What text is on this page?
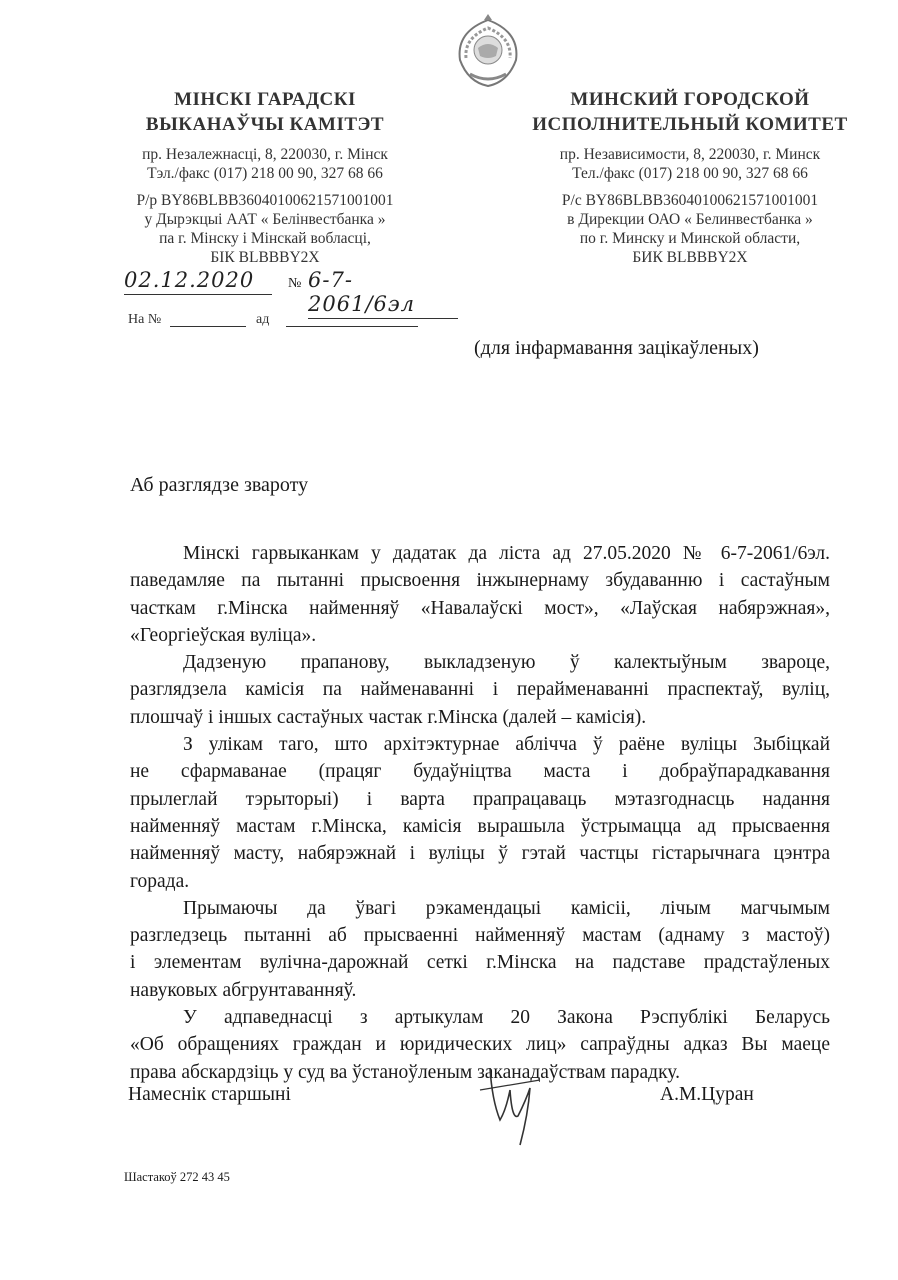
МІНСКІ ГАРАДСКІ
ВЫКАНАЎЧЫ КАМІТЭТ
пр. Незалежнасці, 8, 220030, г. Мінск
Тэл./факс (017) 218 00 90, 327 68 66
Р/р BY86BLBB36040100621571001001
у Дырэкцыі ААТ « Белінвестбанка »
па г. Мінску і Мінскай вобласці,
БІК BLBBBY2X
МИНСКИЙ ГОРОДСКОЙ
ИСПОЛНИТЕЛЬНЫЙ КОМИТЕТ
пр. Независимости, 8, 220030, г. Минск
Тел./факс (017) 218 00 90, 327 68 66
Р/с BY86BLBB36040100621571001001
в Дирекции ОАО « Белинвестбанка »
по г. Минску и Минской области,
БИК BLBBBY2X
02.12.2020	№ 6-7-2061/6эл
На №	ад
(для інфармавання зацікаўленых)
Аб разглядзе звароту
Мінскі гарвыканкам у дадатак да ліста ад 27.05.2020 № 6-7-2061/6эл.
паведамляе па пытанні прысвоення інжынернаму збудаванню і састаўным
часткам г.Мінска найменняў «Навалаўскі мост», «Лаўская набярэжная»,
«Георгіеўская вуліца».
Дадзеную прапанову, выкладзеную ў калектыўным звароце,
разглядзела камісія па найменаванні і перайменаванні праспектаў, вуліц,
плошчаў і іншых састаўных частак г.Мінска (далей – камісія).
З улікам таго, што архітэктурнае аблічча ў раёне вуліцы Зыбіцкай
не сфармаванае (працяг будаўніцтва маста і добраўпарадкавання
прылеглай тэрыторыі) і варта прапрацаваць мэтазгоднасць надання
найменняў мастам г.Мінска, камісія вырашыла ўстрымацца ад прысваення
найменняў масту, набярэжнай і вуліцы ў гэтай частцы гістарычнага цэнтра
горада.
Прымаючы да ўвагі рэкамендацыі камісіі, лічым магчымым
разгледзець пытанні аб прысваенні найменняў мастам (аднаму з мастоў)
і элементам вулічна-дарожнай сеткі г.Мінска на падставе прадстаўленых
навуковых абгрунтаванняў.
У адпаведнасці з артыкулам 20 Закона Рэспублікі Беларусь
«Об обращениях граждан и юридических лиц» сапраўдны адказ Вы маеце
права абскардзіць у суд ва ўстаноўленым заканадаўствам парадку.
Намеснік старшыні	А.М.Цуран
Шастакоў 272 43 45
